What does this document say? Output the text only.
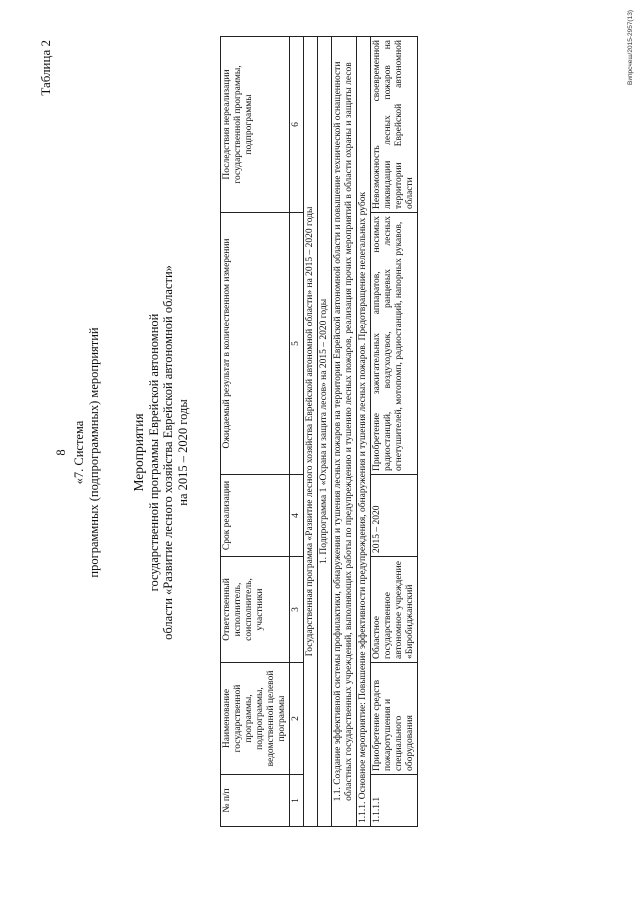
8 «7. Система программных (подпрограммных) мероприятий
Таблица 2
Мероприятия государственной программы Еврейской автономной области «Развитие лесного хозяйства Еврейской автономной области» на 2015 – 2020 годы
№ п/п	Наименование государственной программы, подпрограммы, ведомственной целевой программы	Ответственный исполнитель, соисполнитель, участники	Срок реализации	Ожидаемый результат в количественном измерении	Последствия нереализации государственной программы, подпрограммы
1	2	3	4	5	6
Государственная программа «Развитие лесного хозяйства Еврейской автономной области» на 2015 – 2020 годы					
1. Подпрограмма 1 «Охрана и защита лесов» на 2015 – 2020 годы					
1.1. Создание эффективной системы профилактики, обнаружения и тушения лесных пожаров на территории Еврейской автономной области и повышение технической оснащенности областных государственных учреждений, выполняющих работы по предупреждению и тушению лесных пожаров, реализация прочих мероприятий в области охраны и защиты лесов					
1.1.1. Основное мероприятие: Повышение эффективности предупреждения, обнаружения и тушения лесных пожаров. Предотвращение нелегальных рубок					
1.1.1.1	Приобретение средств пожаротушения и специального оборудования	Областное государственное автономное учреждение «Биробиджанский	2015 – 2020	Приобретение зажигательных аппаратов, носимых радиостанций, воздуходувок, ранцевых лесных огнетушителей, мотопомп, радиостанций, напорных рукавов,	Невозможность своевременной ликвидации лесных пожаров на территории Еврейской автономной области
Випрсчеш/2015-2957(13)
